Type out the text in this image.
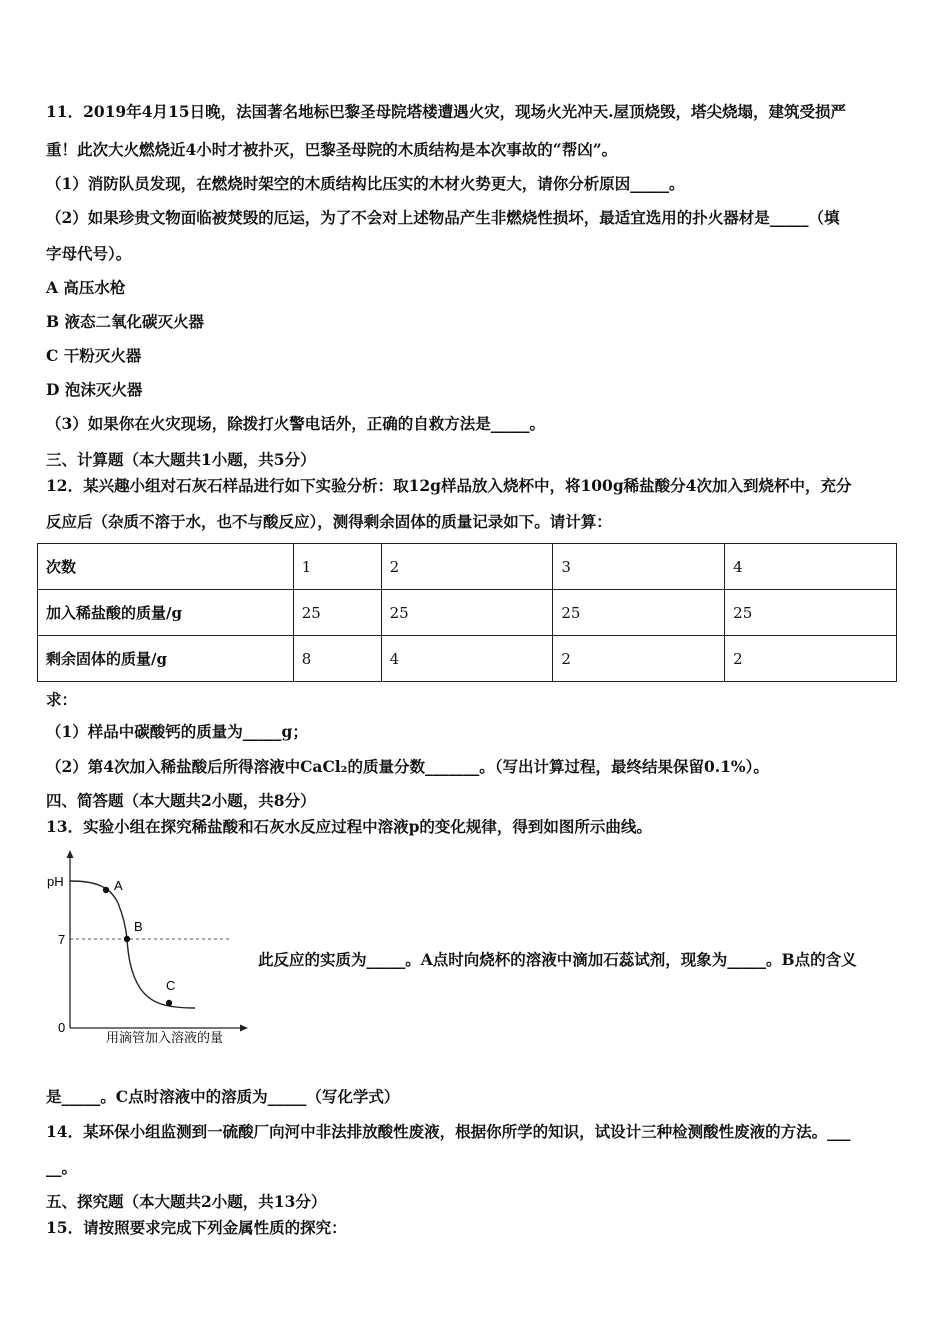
11．2019年4月15日晚，法国著名地标巴黎圣母院塔楼遭遇火灾，现场火光冲天.屋顶烧毁，塔尖烧塌，建筑受损严
重！此次大火燃烧近4小时才被扑灭，巴黎圣母院的木质结构是本次事故的“帮凶”。
（1）消防队员发现，在燃烧时架空的木质结构比压实的木材火势更大，请你分析原因_____。
（2）如果珍贵文物面临被焚毁的厄运，为了不会对上述物品产生非燃烧性损坏，最适宜选用的扑火器材是_____（填
字母代号）。
A 高压水枪
B 液态二氧化碳灭火器
C 干粉灭火器
D 泡沫灭火器
（3）如果你在火灾现场，除拨打火警电话外，正确的自救方法是_____。
三、计算题（本大题共1小题，共5分）
12．某兴趣小组对石灰石样品进行如下实验分析：取12g样品放入烧杯中，将100g稀盐酸分4次加入到烧杯中，充分
反应后（杂质不溶于水，也不与酸反应），测得剩余固体的质量记录如下。请计算：
次数	1	2	3	4
加入稀盐酸的质量/g	25	25	25	25
剩余固体的质量/g	8	4	2	2
求：
（1）样品中碳酸钙的质量为_____g；
（2）第4次加入稀盐酸后所得溶液中CaCl₂的质量分数_______。（写出计算过程，最终结果保留0.1%）。
四、简答题（本大题共2小题，共8分）
13．实验小组在探究稀盐酸和石灰水反应过程中溶液p的变化规律，得到如图所示曲线。
pH
7
0
A
B
C
用滴管加入溶液的量
此反应的实质为_____。A点时向烧杯的溶液中滴加石蕊试剂，现象为_____。B点的含义
是_____。C点时溶液中的溶质为_____（写化学式）
14．某环保小组监测到一硫酸厂向河中非法排放酸性废液，根据你所学的知识，试设计三种检测酸性废液的方法。___
__。
五、探究题（本大题共2小题，共13分）
15．请按照要求完成下列金属性质的探究：
